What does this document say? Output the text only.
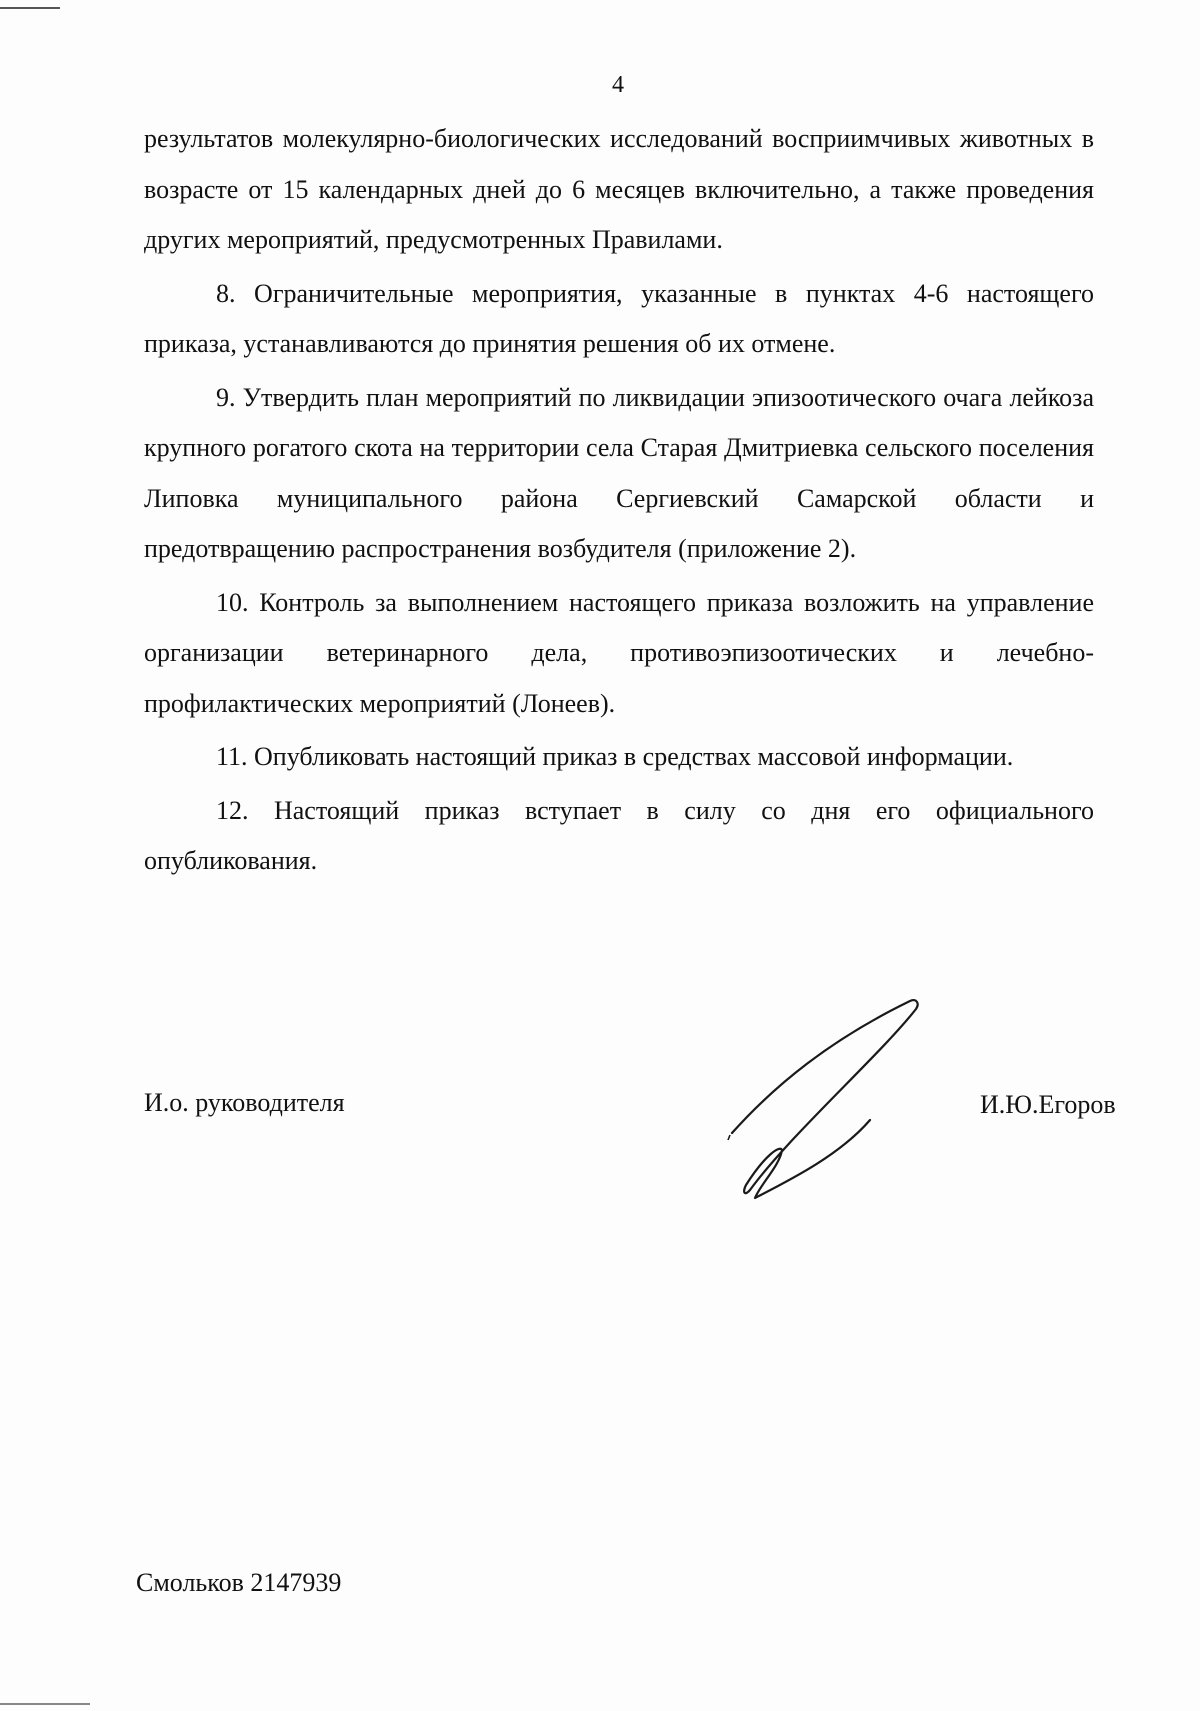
4

результатов молекулярно-биологических исследований восприимчивых животных в возрасте от 15 календарных дней до 6 месяцев включительно, а также проведения других мероприятий, предусмотренных Правилами.

8. Ограничительные мероприятия, указанные в пунктах 4-6 настоящего приказа, устанавливаются до принятия решения об их отмене.

9. Утвердить план мероприятий по ликвидации эпизоотического очага лейкоза крупного рогатого скота на территории села Старая Дмитриевка сельского поселения Липовка муниципального района Сергиевский Самарской области и предотвращению распространения возбудителя (приложение 2).

10. Контроль за выполнением настоящего приказа возложить на управление организации ветеринарного дела, противоэпизоотических и лечебно-профилактических мероприятий (Лонеев).

11. Опубликовать настоящий приказ в средствах массовой информации.

12. Настоящий приказ вступает в силу со дня его официального опубликования.

И.о. руководителя	И.Ю.Егоров
Смольков 2147939
